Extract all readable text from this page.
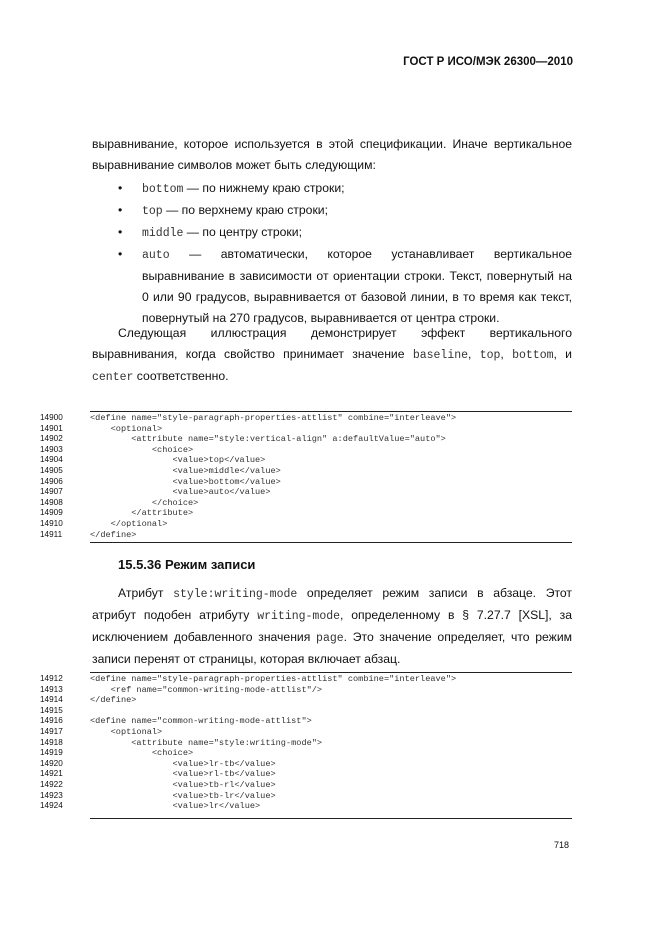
ГОСТ Р ИСО/МЭК 26300—2010
выравнивание, которое используется в этой спецификации. Иначе вертикальное выравнивание символов может быть следующим:
• bottom — по нижнему краю строки;
• top — по верхнему краю строки;
• middle — по центру строки;
• auto — автоматически, которое устанавливает вертикальное выравнивание в зависимости от ориентации строки. Текст, повернутый на 0 или 90 градусов, выравнивается от базовой линии, в то время как текст, повернутый на 270 градусов, выравнивается от центра строки.
Следующая иллюстрация демонстрирует эффект вертикального выравнивания, когда свойство принимает значение baseline, top, bottom, и center соответственно.
14900	<define name="style-paragraph-properties-attlist" combine="interleave">
14901	<optional>
14902	<attribute name="style:vertical-align" a:defaultValue="auto">
14903	<choice>
14904	<value>top</value>
14905	<value>middle</value>
14906	<value>bottom</value>
14907	<value>auto</value>
14908	</choice>
14909	</attribute>
14910	</optional>
14911	</define>
15.5.36 Режим записи
Атрибут style:writing-mode определяет режим записи в абзаце. Этот атрибут подобен атрибуту writing-mode, определенному в § 7.27.7 [XSL], за исключением добавленного значения page. Это значение определяет, что режим записи перенят от страницы, которая включает абзац.
14912	<define name="style-paragraph-properties-attlist" combine="interleave">
14913	<ref name="common-writing-mode-attlist"/>
14914	</define>
14915
14916	<define name="common-writing-mode-attlist">
14917	<optional>
14918	<attribute name="style:writing-mode">
14919	<choice>
14920	<value>lr-tb</value>
14921	<value>rl-tb</value>
14922	<value>tb-rl</value>
14923	<value>tb-lr</value>
14924	<value>lr</value>
718
